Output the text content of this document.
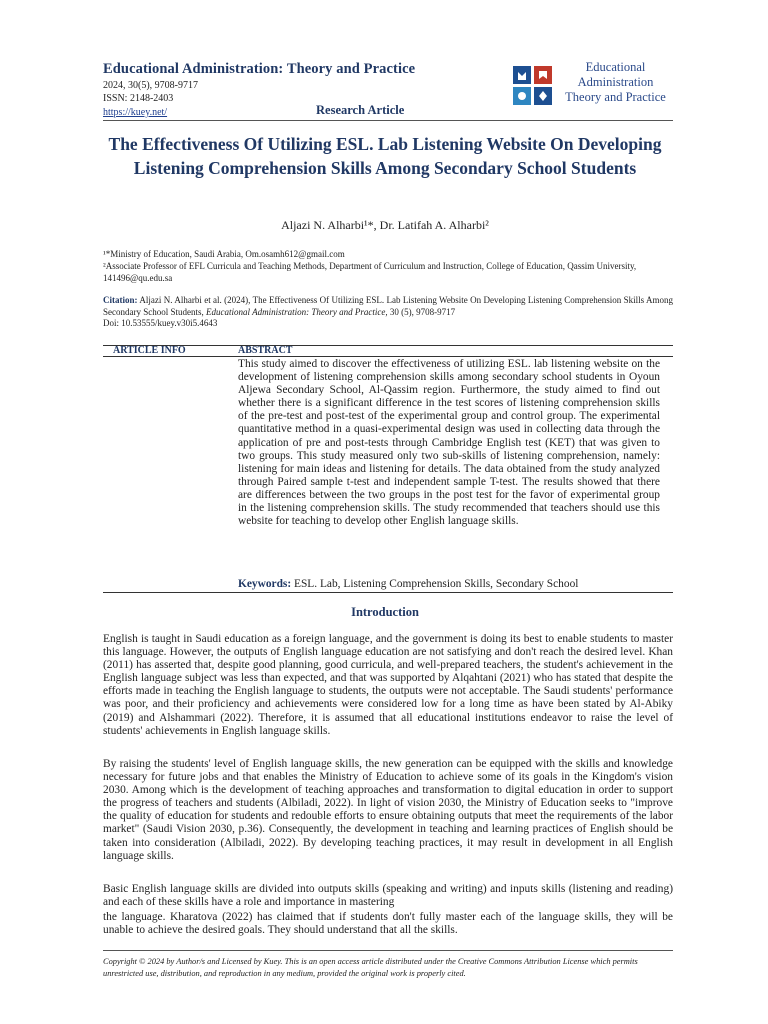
Educational Administration: Theory and Practice
2024, 30(5), 9708-9717
ISSN: 2148-2403
https://kuey.net/	Research Article
Educational
Administration
Theory and Practice
The Effectiveness Of Utilizing ESL. Lab Listening Website On Developing Listening Comprehension Skills Among Secondary School Students
Aljazi N. Alharbi¹*, Dr. Latifah A. Alharbi²
¹*Ministry of Education, Saudi Arabia, Om.osamh612@gmail.com
²Associate Professor of EFL Curricula and Teaching Methods, Department of Curriculum and Instruction, College of Education, Qassim University, 141496@qu.edu.sa
Citation: Aljazi N. Alharbi et al. (2024), The Effectiveness Of Utilizing ESL. Lab Listening Website On Developing Listening Comprehension Skills Among Secondary School Students, Educational Administration: Theory and Practice, 30 (5), 9708-9717
Doi: 10.53555/kuey.v30i5.4643
ARTICLE INFO	ABSTRACT
This study aimed to discover the effectiveness of utilizing ESL. lab listening website on the development of listening comprehension skills among secondary school students in Oyoun Aljewa Secondary School, Al-Qassim region. Furthermore, the study aimed to find out whether there is a significant difference in the test scores of listening comprehension skills of the pre-test and post-test of the experimental group and control group. The experimental quantitative method in a quasi-experimental design was used in collecting data through the application of pre and post-tests through Cambridge English test (KET) that was given to two groups. This study measured only two sub-skills of listening comprehension, namely: listening for main ideas and listening for details. The data obtained from the study analyzed through Paired sample t-test and independent sample T-test. The results showed that there are differences between the two groups in the post test for the favor of experimental group in the listening comprehension skills. The study recommended that teachers should use this website for teaching to develop other English language skills.
Keywords: ESL. Lab, Listening Comprehension Skills, Secondary School
Introduction
English is taught in Saudi education as a foreign language, and the government is doing its best to enable students to master this language. However, the outputs of English language education are not satisfying and don't reach the desired level. Khan (2011) has asserted that, despite good planning, good curricula, and well-prepared teachers, the student's achievement in the English language subject was less than expected, and that was supported by Alqahtani (2021) who has stated that despite the efforts made in teaching the English language to students, the outputs were not acceptable. The Saudi students' performance was poor, and their proficiency and achievements were considered low for a long time as have been stated by Al-Abiky (2019) and Alshammari (2022). Therefore, it is assumed that all educational institutions endeavor to raise the level of students' achievements in English language skills.
By raising the students' level of English language skills, the new generation can be equipped with the skills and knowledge necessary for future jobs and that enables the Ministry of Education to achieve some of its goals in the Kingdom's vision 2030. Among which is the development of teaching approaches and transformation to digital education in order to support the progress of teachers and students (Albiladi, 2022). In light of vision 2030, the Ministry of Education seeks to "improve the quality of education for students and redouble efforts to ensure obtaining outputs that meet the requirements of the labor market" (Saudi Vision 2030, p.36). Consequently, the development in teaching and learning practices of English should be taken into consideration (Albiladi, 2022). By developing teaching practices, it may result in development in all English language skills.
Basic English language skills are divided into outputs skills (speaking and writing) and inputs skills (listening and reading) and each of these skills have a role and importance in mastering
the language. Kharatova (2022) has claimed that if students don't fully master each of the language skills, they will be unable to achieve the desired goals. They should understand that all the skills.
Copyright © 2024 by Author/s and Licensed by Kuey. This is an open access article distributed under the Creative Commons Attribution License which permits unrestricted use, distribution, and reproduction in any medium, provided the original work is properly cited.
